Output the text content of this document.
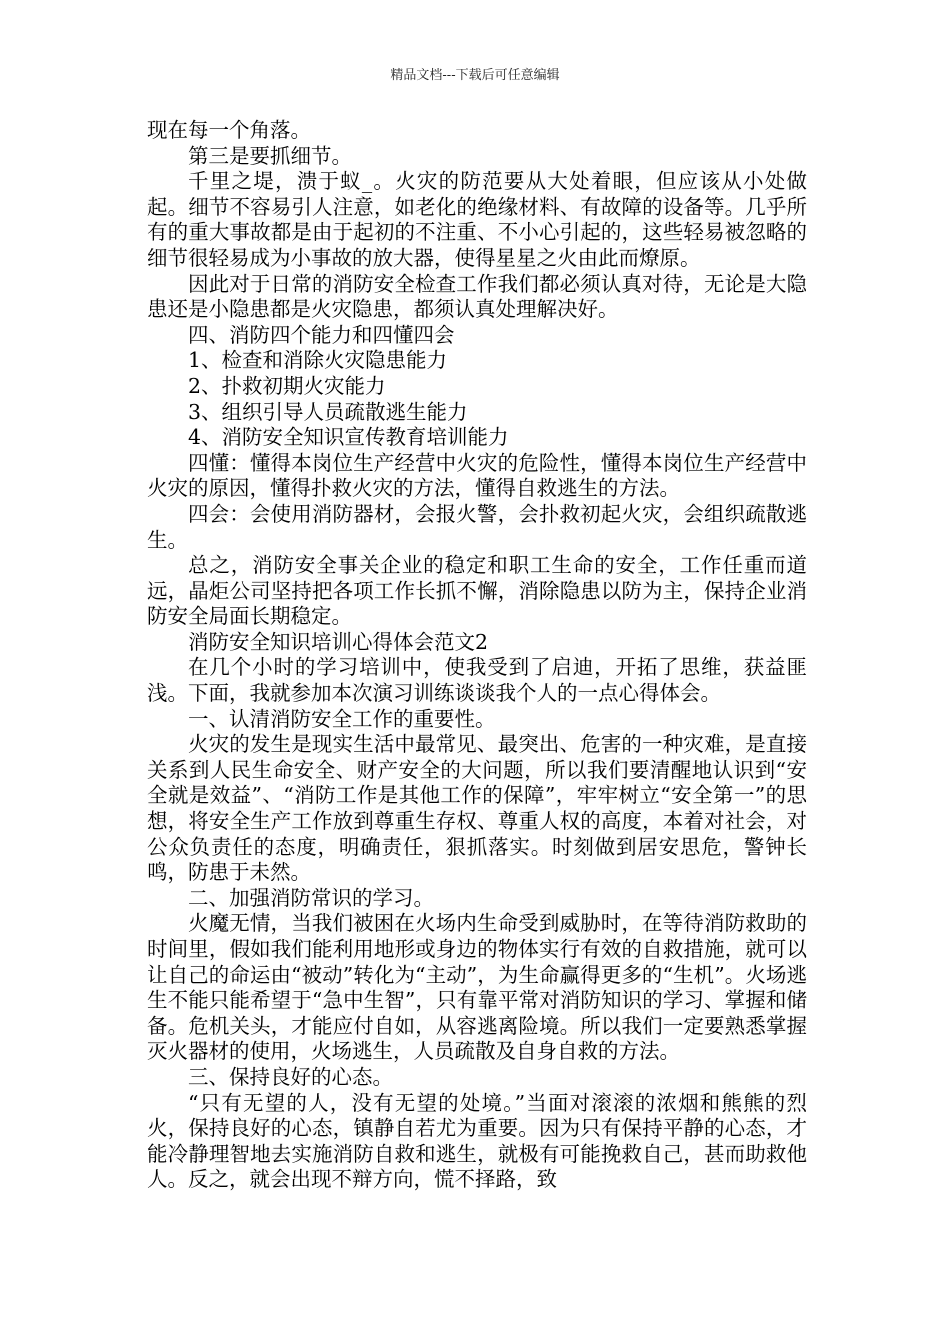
精品文档---下载后可任意编辑

现在每一个角落。

第三是要抓细节。

千里之堤，溃于蚁_。火灾的防范要从大处着眼，但应该从小处做起。细节不容易引人注意，如老化的绝缘材料、有故障的设备等。几乎所有的重大事故都是由于起初的不注重、不小心引起的，这些轻易被忽略的细节很轻易成为小事故的放大器，使得星星之火由此而燎原。

因此对于日常的消防安全检查工作我们都必须认真对待，无论是大隐患还是小隐患都是火灾隐患，都须认真处理解决好。

四、消防四个能力和四懂四会

1、检查和消除火灾隐患能力

2、扑救初期火灾能力

3、组织引导人员疏散逃生能力

4、消防安全知识宣传教育培训能力

四懂：懂得本岗位生产经营中火灾的危险性，懂得本岗位生产经营中火灾的原因，懂得扑救火灾的方法，懂得自救逃生的方法。

四会：会使用消防器材，会报火警，会扑救初起火灾，会组织疏散逃生。

总之，消防安全事关企业的稳定和职工生命的安全，工作任重而道远，晶炬公司坚持把各项工作长抓不懈，消除隐患以防为主，保持企业消防安全局面长期稳定。

消防安全知识培训心得体会范文2

在几个小时的学习培训中，使我受到了启迪，开拓了思维，获益匪浅。下面，我就参加本次演习训练谈谈我个人的一点心得体会。

一、认清消防安全工作的重要性。

火灾的发生是现实生活中最常见、最突出、危害的一种灾难，是直接关系到人民生命安全、财产安全的大问题，所以我们要清醒地认识到“安全就是效益”、“消防工作是其他工作的保障”，牢牢树立“安全第一”的思想，将安全生产工作放到尊重生存权、尊重人权的高度，本着对社会，对公众负责任的态度，明确责任，狠抓落实。时刻做到居安思危，警钟长鸣，防患于未然。

二、加强消防常识的学习。

火魔无情，当我们被困在火场内生命受到威胁时，在等待消防救助的时间里，假如我们能利用地形或身边的物体实行有效的自救措施，就可以让自己的命运由“被动”转化为“主动”，为生命赢得更多的“生机”。火场逃生不能只能希望于“急中生智”，只有靠平常对消防知识的学习、掌握和储备。危机关头，才能应付自如，从容逃离险境。所以我们一定要熟悉掌握灭火器材的使用，火场逃生，人员疏散及自身自救的方法。

三、保持良好的心态。

“只有无望的人，没有无望的处境。”当面对滚滚的浓烟和熊熊的烈火，保持良好的心态，镇静自若尤为重要。因为只有保持平静的心态，才能冷静理智地去实施消防自救和逃生，就极有可能挽救自己，甚而助救他人。反之，就会出现不辩方向，慌不择路，致
